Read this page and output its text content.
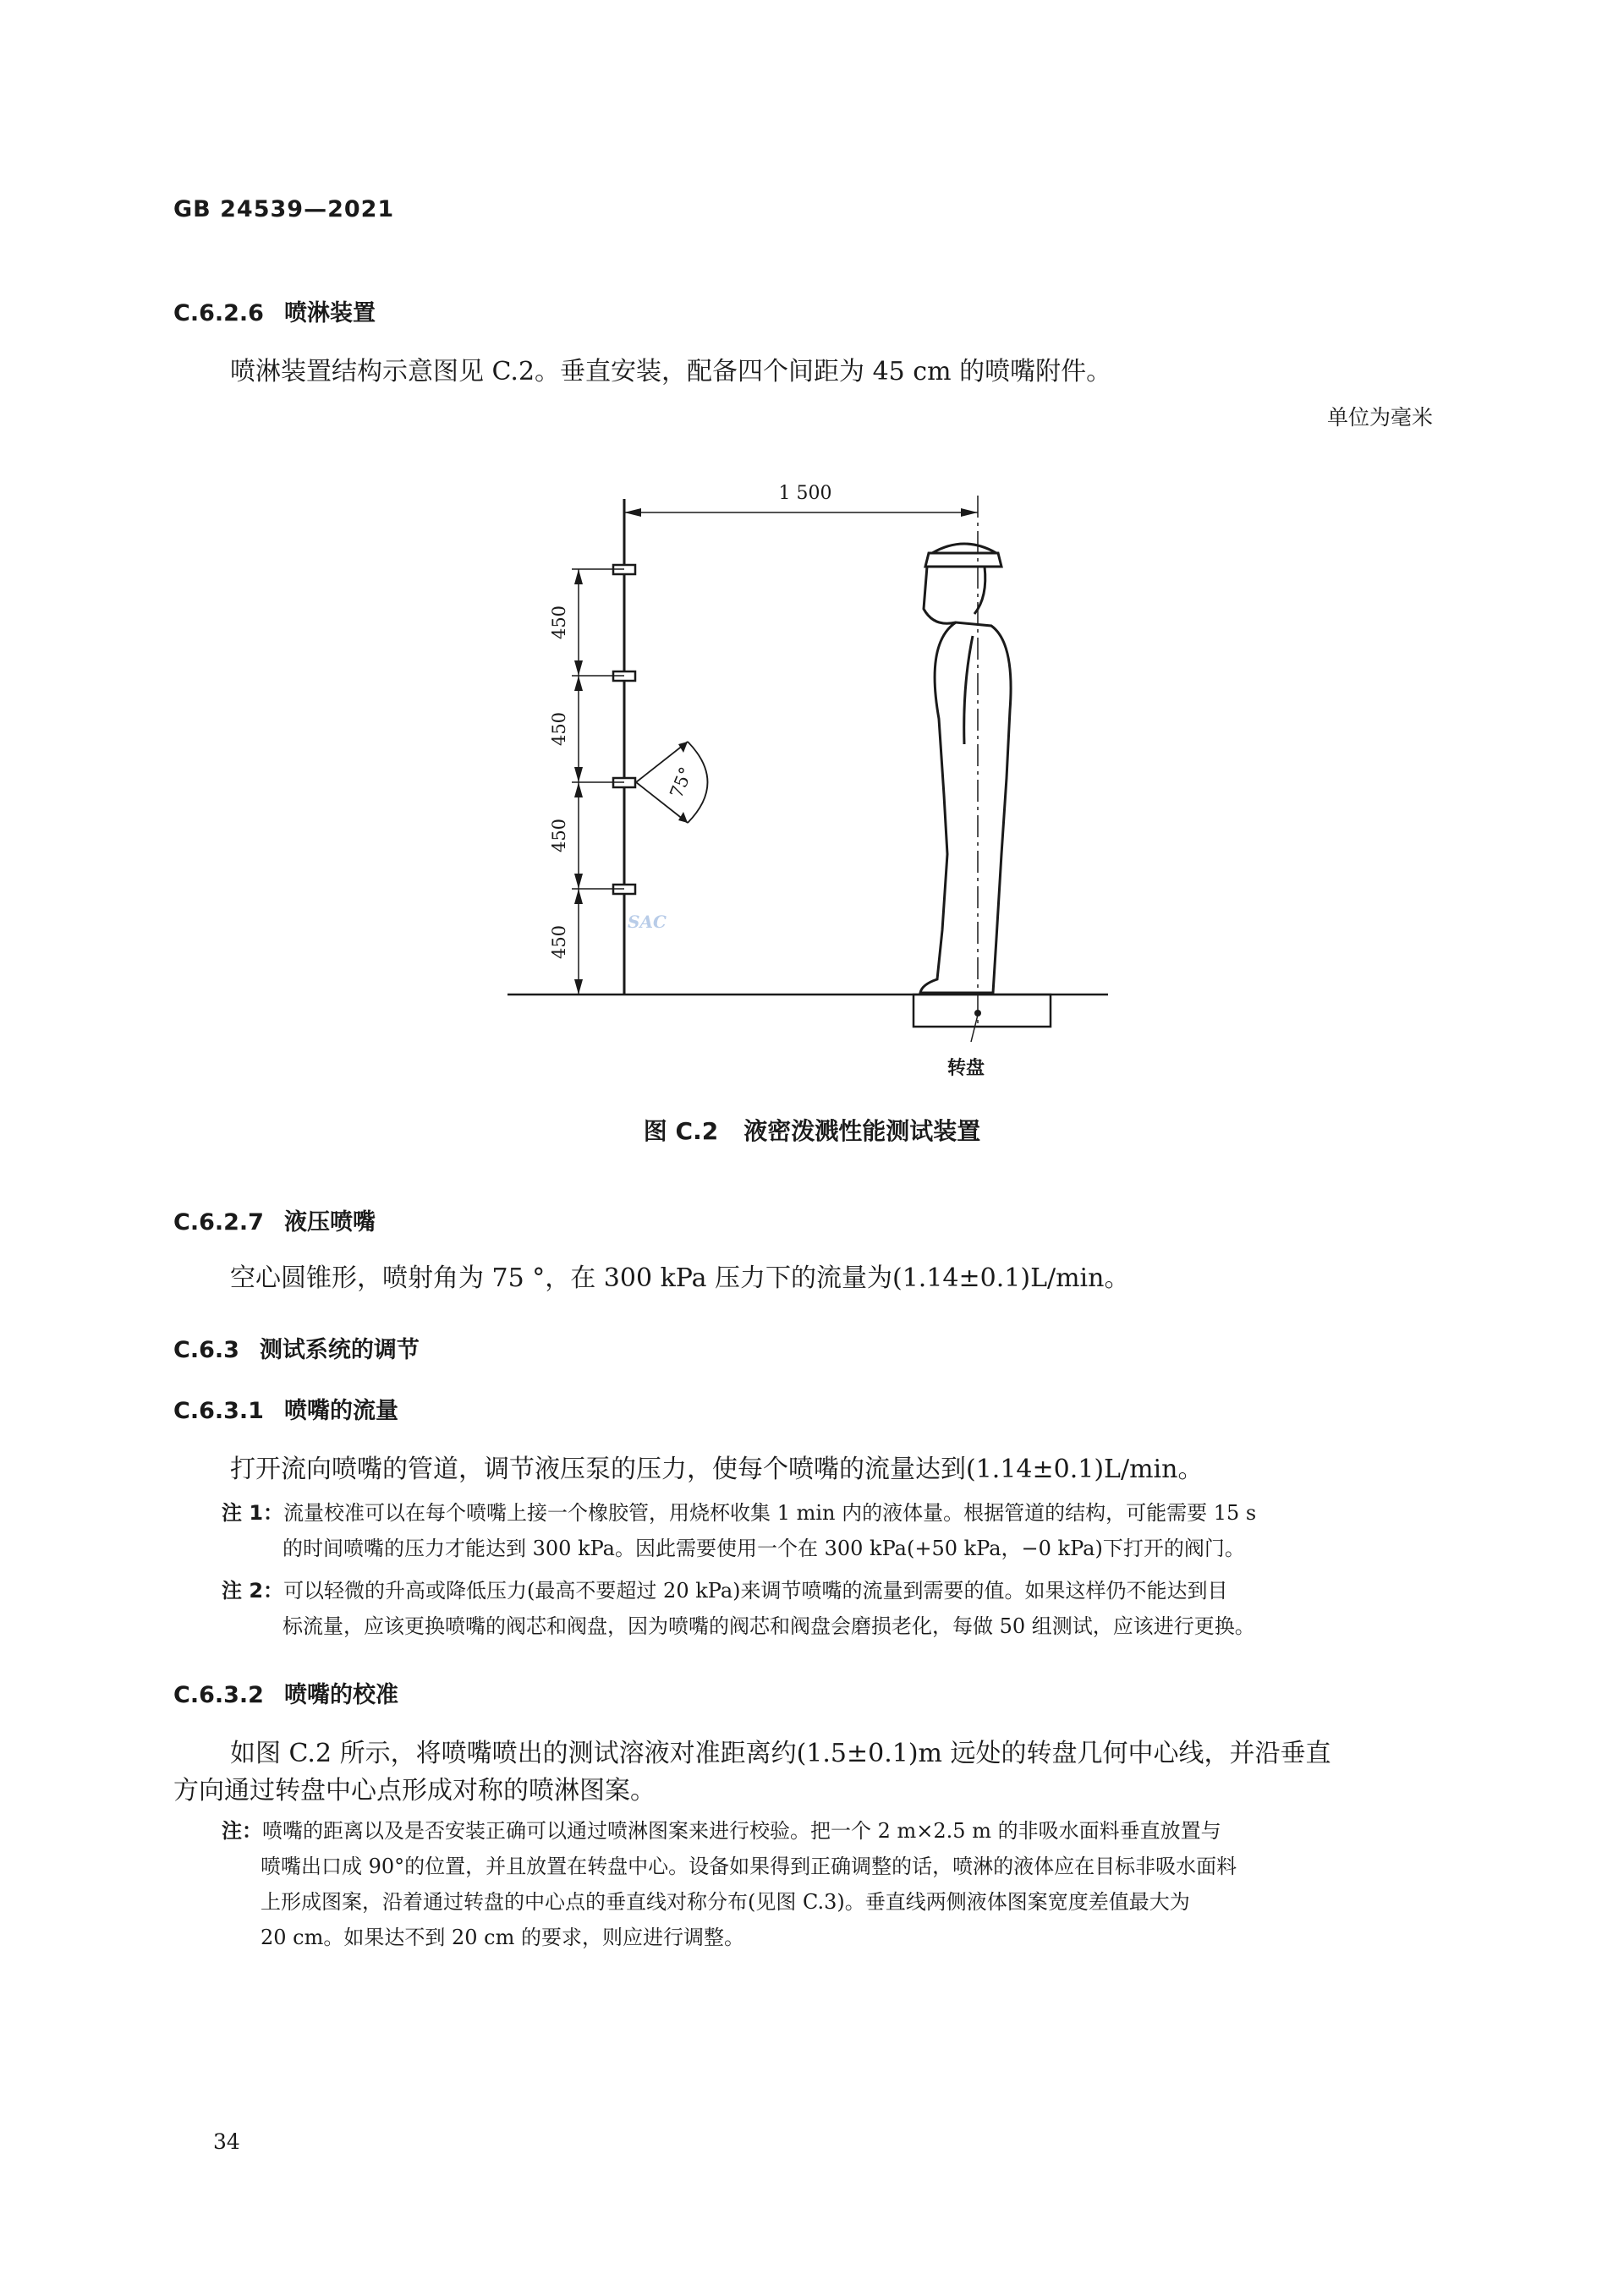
GB 24539—2021
C.6.2.6 喷淋装置
喷淋装置结构示意图见 C.2。垂直安装，配备四个间距为 45 cm 的喷嘴附件。
单位为毫米
1 500
450
450
450
450
75°
转盘
SAC
图 C.2 液密泼溅性能测试装置
C.6.2.7 液压喷嘴
空心圆锥形，喷射角为 75 °，在 300 kPa 压力下的流量为(1.14±0.1)L/min。
C.6.3 测试系统的调节
C.6.3.1 喷嘴的流量
打开流向喷嘴的管道，调节液压泵的压力，使每个喷嘴的流量达到(1.14±0.1)L/min。
注 1：流量校准可以在每个喷嘴上接一个橡胶管，用烧杯收集 1 min 内的液体量。根据管道的结构，可能需要 15 s
的时间喷嘴的压力才能达到 300 kPa。因此需要使用一个在 300 kPa(+50 kPa，−0 kPa)下打开的阀门。
注 2：可以轻微的升高或降低压力(最高不要超过 20 kPa)来调节喷嘴的流量到需要的值。如果这样仍不能达到目
标流量，应该更换喷嘴的阀芯和阀盘，因为喷嘴的阀芯和阀盘会磨损老化，每做 50 组测试，应该进行更换。
C.6.3.2 喷嘴的校准
如图 C.2 所示，将喷嘴喷出的测试溶液对准距离约(1.5±0.1)m 远处的转盘几何中心线，并沿垂直
方向通过转盘中心点形成对称的喷淋图案。
注：喷嘴的距离以及是否安装正确可以通过喷淋图案来进行校验。把一个 2 m×2.5 m 的非吸水面料垂直放置与
喷嘴出口成 90°的位置，并且放置在转盘中心。设备如果得到正确调整的话，喷淋的液体应在目标非吸水面料
上形成图案，沿着通过转盘的中心点的垂直线对称分布(见图 C.3)。垂直线两侧液体图案宽度差值最大为
20 cm。如果达不到 20 cm 的要求，则应进行调整。
34
